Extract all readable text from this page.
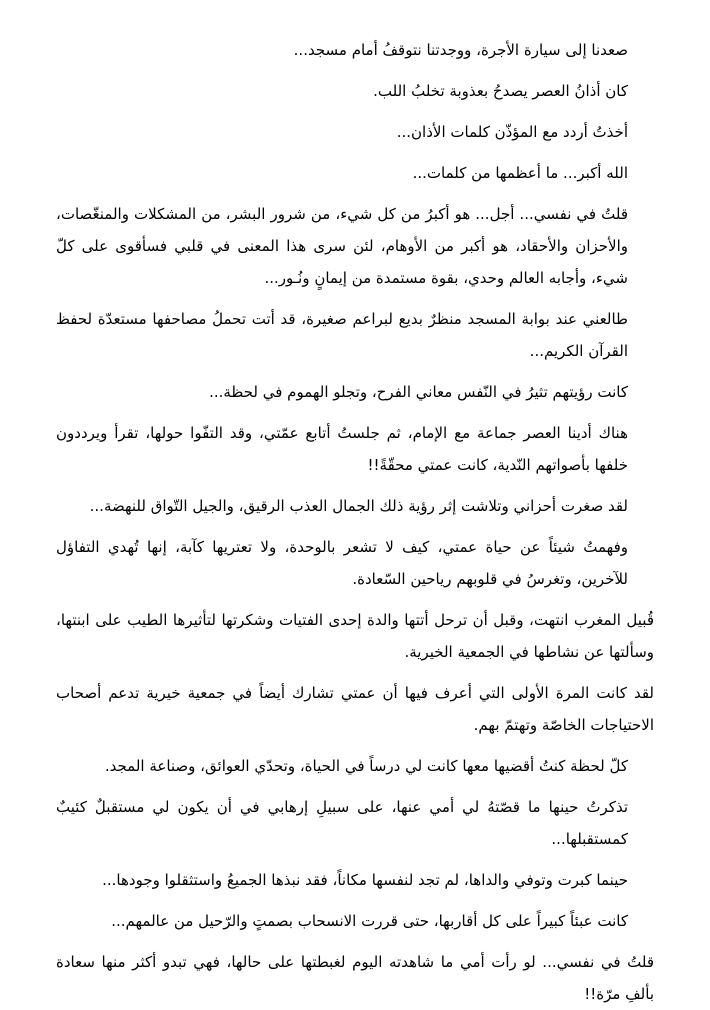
صعدنا إلى سيارة الأجرة، ووجدتنا نتوقفُ أمام مسجد...

كان أذانُ العصر يصدحُ بعذوبة تخلبُ اللب.

أخذتُ أردد مع المؤذّن كلمات الأذان...

الله أكبر... ما أعظمها من كلمات...

قلتُ في نفسي... أجل... هو أكبرُ من كل شيء، من شرور البشر، من المشكلات والمنغّصات، والأحزان والأحقاد، هو أكبر من الأوهام، لئن سرى هذا المعنى في قلبي فسأقوى على كلّ شيء، وأجابه العالم وحدي، بقوة مستمدة من إيمانٍ ونُـور...

طالعني عند بوابة المسجد منظرٌ بديع لبراعم صغيرة، قد أتت تحملُ مصاحفها مستعدّة لحفظ القرآن الكريم...

كانت رؤيتهم تثيرُ في النّفس معاني الفرح، وتجلو الهموم في لحظة...

هناك أدينا العصر جماعة مع الإمام، ثم جلستُ أتابع عمّتي، وقد التفّوا حولها، تقرأ ويرددون خلفها بأصواتهم النّدية، كانت عمتي محقّةً!!

لقد صغرت أحزاني وتلاشت إثر رؤية ذلك الجمال العذب الرقيق، والجيل التّواق للنهضة...

وفهمتُ شيئاً عن حياة عمتي، كيف لا تشعر بالوحدة، ولا تعتريها كآبة، إنها تُهدي التفاؤل للآخرين، وتغرسُ في قلوبهم رياحين السّعادة.

قُبيل المغرب انتهت، وقبل أن ترحل أتتها والدة إحدى الفتيات وشكرتها لتأثيرها الطيب على ابنتها، وسألتها عن نشاطها في الجمعية الخيرية.

لقد كانت المرة الأولى التي أعرف فيها أن عمتي تشارك أيضاً في جمعية خيرية تدعم أصحاب الاحتياجات الخاصّة وتهتمّ بهم.

كلّ لحظة كنتُ أقضيها معها كانت لي درساً في الحياة، وتحدّي العوائق، وصناعة المجد.

تذكرتُ حينها ما قصّتهُ لي أمي عنها، على سبيلِ إرهابي في أن يكون لي مستقبلٌ كئيبٌ كمستقبلها...

حينما كبرت وتوفي والداها، لم تجد لنفسها مكاناً، فقد نبذها الجميعُ واستثقلوا وجودها...

كانت عبئاً كبيراً على كل أقاربها، حتى قررت الانسحاب بصمتٍ والرّحيل من عالمهم...

قلتُ في نفسي... لو رأت أمي ما شاهدته اليوم لغبطتها على حالها، فهي تبدو أكثر منها سعادة بألفِ مرّة!!
